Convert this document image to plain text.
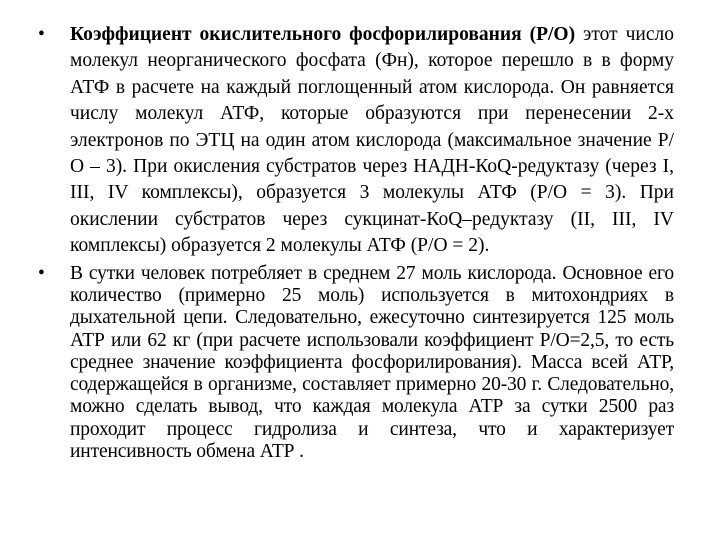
• Коэффициент окислительного фосфорилирования (Р/О) этот число молекул неорганического фосфата (Фн), которое перешло в в форму АТФ в расчете на каждый поглощенный атом кислорода. Он равняется числу молекул АТФ, которые образуются при перенесении 2-х электронов по ЭТЦ на один атом кислорода (максимальное значение Р/О – 3). При окисления субстратов через НАДН-КоQ-редуктазу (через I, III, IV комплексы), образуется 3 молекулы АТФ (Р/О = 3). При окислении субстратов через сукцинат-КоQ–редуктазу (II, III, IV комплексы) образуется 2 молекулы АТФ (Р/О = 2).
• В сутки человек потребляет в среднем 27 моль кислорода. Основное его количество (примерно 25 моль) используется в митохондриях в дыхательной цепи. Следовательно, ежесуточно синтезируется 125 моль АТР или 62 кг (при расчете использовали коэффициент Р/О=2,5, то есть среднее значение коэффициента фосфорилирования). Масса всей АТР, содержащейся в организме, составляет примерно 20-30 г. Следовательно, можно сделать вывод, что каждая молекула АТР за сутки 2500 раз проходит процесс гидролиза и синтеза, что и характеризует интенсивность обмена АТР .
